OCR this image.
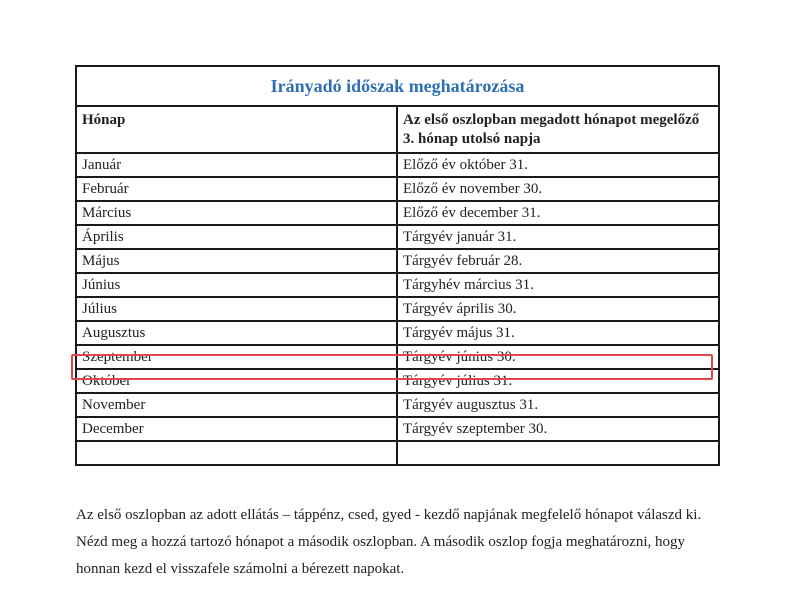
Irányadó időszak meghatározása	
Hónap	Az első oszlopban megadott hónapot megelőző 3. hónap utolsó napja
Január	Előző év október 31.
Február	Előző év november 30.
Március	Előző év december 31.
Április	Tárgyév január 31.
Május	Tárgyév február 28.
Június	Tárgyhév március 31.
Július	Tárgyév április 30.
Augusztus	Tárgyév május 31.
Szeptember	Tárgyév június 30.
Október	Tárgyév július 31.
November	Tárgyév augusztus 31.
December	Tárgyév szeptember 30.

Az első oszlopban az adott ellátás – táppénz, csed, gyed - kezdő napjának megfelelő hónapot válaszd ki. Nézd meg a hozzá tartozó hónapot a második oszlopban. A második oszlop fogja meghatározni, hogy honnan kezd el visszafele számolni a bérezett napokat.
